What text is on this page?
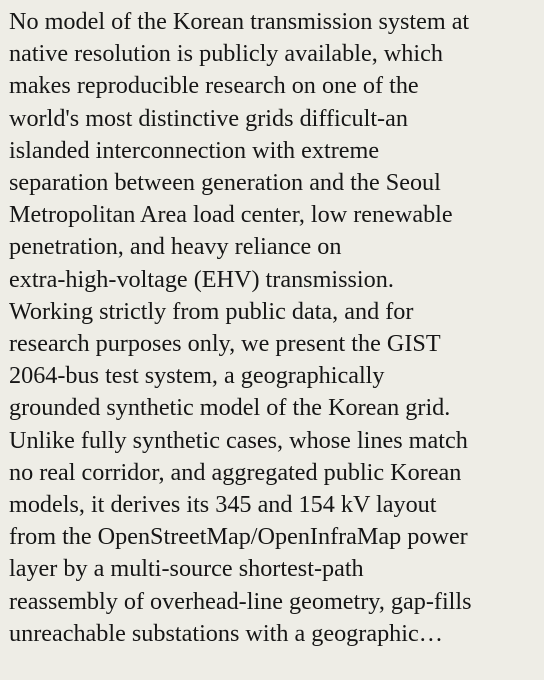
No model of the Korean transmission system at
native resolution is publicly available, which
makes reproducible research on one of the
world's most distinctive grids difficult-an
islanded interconnection with extreme
separation between generation and the Seoul
Metropolitan Area load center, low renewable
penetration, and heavy reliance on
extra-high-voltage (EHV) transmission.
Working strictly from public data, and for
research purposes only, we present the GIST
2064-bus test system, a geographically
grounded synthetic model of the Korean grid.
Unlike fully synthetic cases, whose lines match
no real corridor, and aggregated public Korean
models, it derives its 345 and 154 kV layout
from the OpenStreetMap/OpenInfraMap power
layer by a multi-source shortest-path
reassembly of overhead-line geometry, gap-fills
unreachable substations with a geographic…
